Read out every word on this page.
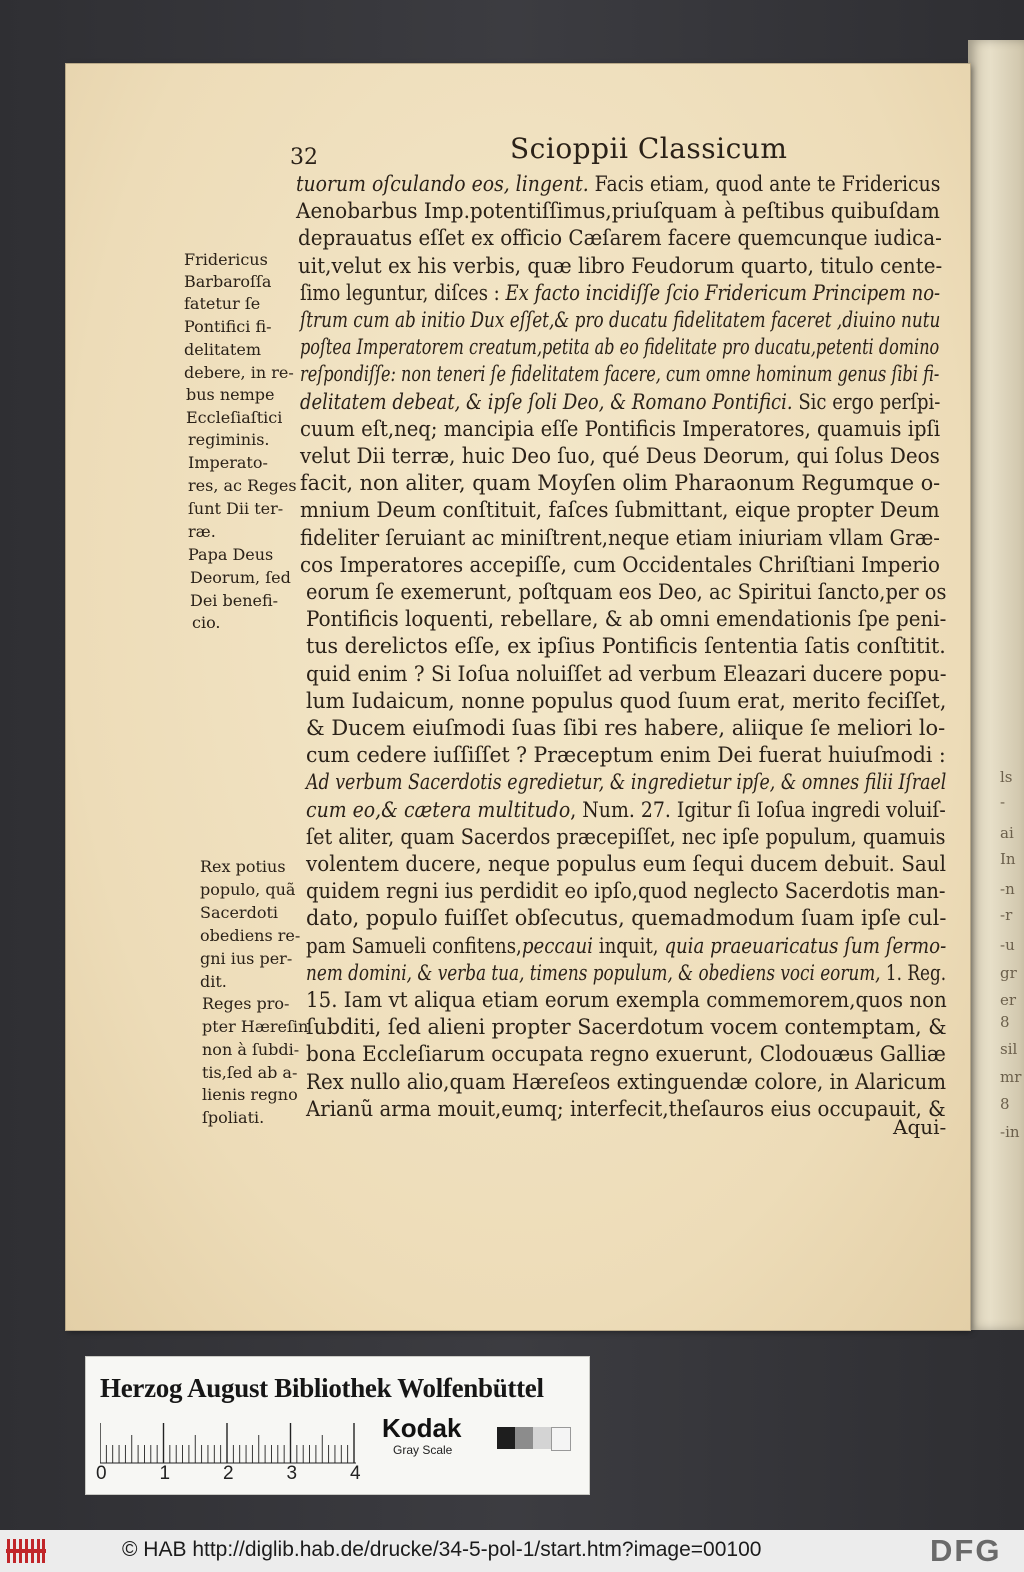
ls
-
ai
In
-n
-r
-u
gr
er
8
sil
mr
8
-in
32	Scioppii Classicum
tuorum oſculando eos, lingent. Facis etiam, quod ante te Fridericus
Aenobarbus Imp.potentiſſimus,priuſquam à peſtibus quibuſdam
deprauatus eſſet ex officio Cæſarem facere quemcunque iudica-
uit,velut ex his verbis, quæ libro Feudorum quarto, titulo cente-
ſimo leguntur, diſces : Ex facto incidiſſe ſcio Fridericum Principem no-
ſtrum cum ab initio Dux eſſet,& pro ducatu fidelitatem faceret ,diuino nutu
poſtea Imperatorem creatum,petita ab eo fidelitate pro ducatu,petenti domino
reſpondiſſe: non teneri ſe fidelitatem facere, cum omne hominum genus ſibi fi-
delitatem debeat, & ipſe ſoli Deo, & Romano Pontifici. Sic ergo perſpi-
cuum eſt,neq; mancipia eſſe Pontificis Imperatores, quamuis ipſi
velut Dii terræ, huic Deo ſuo, qué Deus Deorum, qui ſolus Deos
facit, non aliter, quam Moyſen olim Pharaonum Regumque o-
mnium Deum conſtituit, faſces ſubmittant, eique propter Deum
fideliter ſeruiant ac miniſtrent,neque etiam iniuriam vllam Græ-
cos Imperatores accepiſſe, cum Occidentales Chriſtiani Imperio
eorum ſe exemerunt, poſtquam eos Deo, ac Spiritui ſancto,per os
Pontificis loquenti, rebellare, & ab omni emendationis ſpe peni-
tus derelictos eſſe, ex ipſius Pontificis ſententia ſatis conſtitit.
quid enim ? Si Ioſua noluiſſet ad verbum Eleazari ducere popu-
lum Iudaicum, nonne populus quod ſuum erat, merito feciſſet,
& Ducem eiuſmodi ſuas ſibi res habere, aliique ſe meliori lo-
cum cedere iuſſiſſet ? Præceptum enim Dei fuerat huiuſmodi :
Ad verbum Sacerdotis egredietur, & ingredietur ipſe, & omnes filii Iſrael
cum eo,& cætera multitudo, Num. 27. Igitur ſi Ioſua ingredi voluiſ-
ſet aliter, quam Sacerdos præcepiſſet, nec ipſe populum, quamuis
volentem ducere, neque populus eum ſequi ducem debuit. Saul
quidem regni ius perdidit eo ipſo,quod neglecto Sacerdotis man-
dato, populo fuiſſet obſecutus, quemadmodum ſuam ipſe cul-
pam Samueli confitens,peccaui inquit, quia praeuaricatus ſum ſermo-
nem domini, & verba tua, timens populum, & obediens voci eorum, 1. Reg.
15. Iam vt aliqua etiam eorum exempla commemorem,quos non
ſubditi, ſed alieni propter Sacerdotum vocem contemptam, &
bona Eccleſiarum occupata regno exuerunt, Clodouæus Galliæ
Rex nullo alio,quam Hæreſeos extinguendæ colore, in Alaricum
Arianũ arma mouit,eumq; interfecit,theſauros eius occupauit, &
Fridericus
Barbaroſſa
fatetur ſe
Pontifici fi-
delitatem
debere, in re-
bus nempe
Eccleſiaſtici
regiminis.
Imperato-
res, ac Reges
ſunt Dii ter-
ræ.
Papa Deus
Deorum, ſed
Dei benefi-
cio.
Rex potius
populo, quã
Sacerdoti
obediens re-
gni ius per-
dit.
Reges pro-
pter Hæreſin
non à ſubdi-
tis,ſed ab a-
lienis regno
ſpoliati.	Aqui-
Herzog August Bibliothek Wolfenbüttel
0	1	2	3	4
Kodak
Gray Scale
© HAB http://diglib.hab.de/drucke/34-5-pol-1/start.htm?image=00100	DFG
